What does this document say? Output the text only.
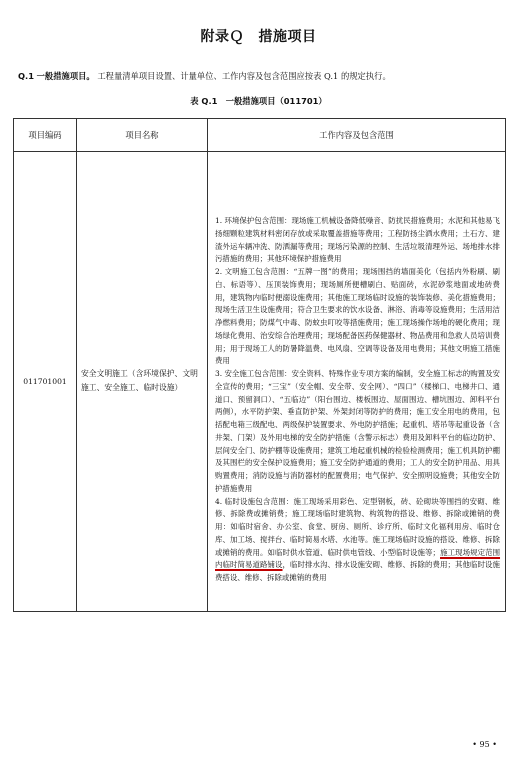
附录Ｑ　措施项目
Q.1 一般措施项目。 工程量清单项目设置、计量单位、工作内容及包含范围应按表 Q.1 的规定执行。
表 Q.1　一般措施项目（011701）
项目编码	项目名称	工作内容及包含范围
011701001	安全文明施工（含环境保护、文明施工、安全施工、临时设施）	1. 环境保护包含范围：现场施工机械设备降低噪音、防扰民措施费用；水泥和其他易飞扬细颗粒建筑材料密闭存放或采取覆盖措施等费用；工程防扬尘洒水费用；土石方、建渣外运车辆冲洗、防洒漏等费用；现场污染源的控制、生活垃圾清理外运、场地排水排污措施的费用；其他环境保护措施费用

2. 文明施工包含范围：“五牌一图”的费用；现场围挡的墙面美化（包括内外粉刷、刷白、标语等）、压顶装饰费用；现场厕所便槽刷白、贴面砖，水泥砂浆地面或地砖费用，建筑物内临时便溺设施费用；其他施工现场临时设施的装饰装修、美化措施费用；现场生活卫生设施费用；符合卫生要求的饮水设备、淋浴、消毒等设施费用；生活用洁净燃料费用；防煤气中毒、防蚊虫叮咬等措施费用；施工现场操作场地的硬化费用；现场绿化费用、治安综合治理费用；现场配备医药保健器材、物品费用和急救人员培训费用；用于现场工人的防暑降温费、电风扇、空调等设备及用电费用；其他文明施工措施费用

3. 安全施工包含范围：安全资料、特殊作业专项方案的编制，安全施工标志的购置及安全宣传的费用；“三宝”（安全帽、安全带、安全网）、“四口”（楼梯口、电梯井口、通道口、预留洞口）、“五临边”（阳台围边、楼板围边、屋面围边、槽坑围边、卸料平台两侧），水平防护架、垂直防护架、外架封闭等防护的费用；施工安全用电的费用，包括配电箱三级配电、两级保护装置要求、外电防护措施；起重机、塔吊等起重设备（含井架、门架）及外用电梯的安全防护措施（含警示标志）费用及卸料平台的临边防护、层间安全门、防护棚等设施费用；建筑工地起重机械的检验检测费用；施工机具防护棚及其围栏的安全保护设施费用；施工安全防护通道的费用；工人的安全防护用品、用具购置费用；消防设施与消防器材的配置费用；电气保护、安全照明设施费；其他安全防护措施费用

4. 临时设施包含范围：施工现场采用彩色、定型钢板，砖、砼砌块等围挡的安砌、维修、拆除费或摊销费；施工现场临时建筑物、构筑物的搭设、维修、拆除或摊销的费用：如临时宿舍、办公室、食堂、厨房、厕所、诊疗所、临时文化福利用房、临时仓库、加工场、搅拌台、临时简易水塔、水池等。施工现场临时设施的搭设、维修、拆除或摊销的费用。如临时供水管道、临时供电管线、小型临时设施等；施工现场规定范围内临时简易道路铺设，临时排水沟、排水设施安砌、维修、拆除的费用；其他临时设施费搭设、维修、拆除或摊销的费用

• 95 •
